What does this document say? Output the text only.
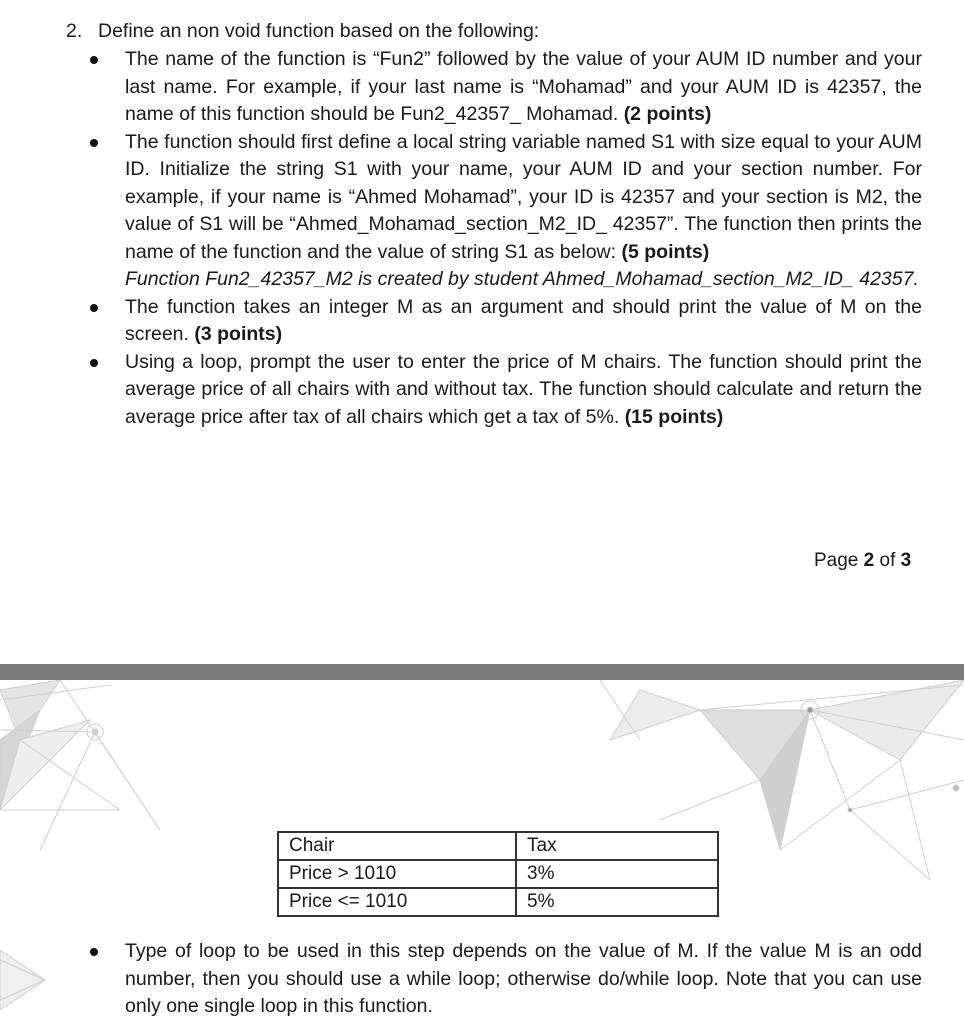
2. Define an non void function based on the following:
The name of the function is “Fun2” followed by the value of your AUM ID number and your last name. For example, if your last name is “Mohamad” and your AUM ID is 42357, the name of this function should be Fun2_42357_ Mohamad. (2 points)
The function should first define a local string variable named S1 with size equal to your AUM ID. Initialize the string S1 with your name, your AUM ID and your section number. For example, if your name is “Ahmed Mohamad”, your ID is 42357 and your section is M2, the value of S1 will be “Ahmed_Mohamad_section_M2_ID_ 42357”. The function then prints the name of the function and the value of string S1 as below: (5 points)
Function Fun2_42357_M2 is created by student Ahmed_Mohamad_section_M2_ID_ 42357.
The function takes an integer M as an argument and should print the value of M on the screen. (3 points)
Using a loop, prompt the user to enter the price of M chairs. The function should print the average price of all chairs with and without tax. The function should calculate and return the average price after tax of all chairs which get a tax of 5%. (15 points)
Page 2 of 3
Chair	Tax
Price > 1010	3%
Price <= 1010	5%
Type of loop to be used in this step depends on the value of M. If the value M is an odd number, then you should use a while loop; otherwise do/while loop. Note that you can use only one single loop in this function.
